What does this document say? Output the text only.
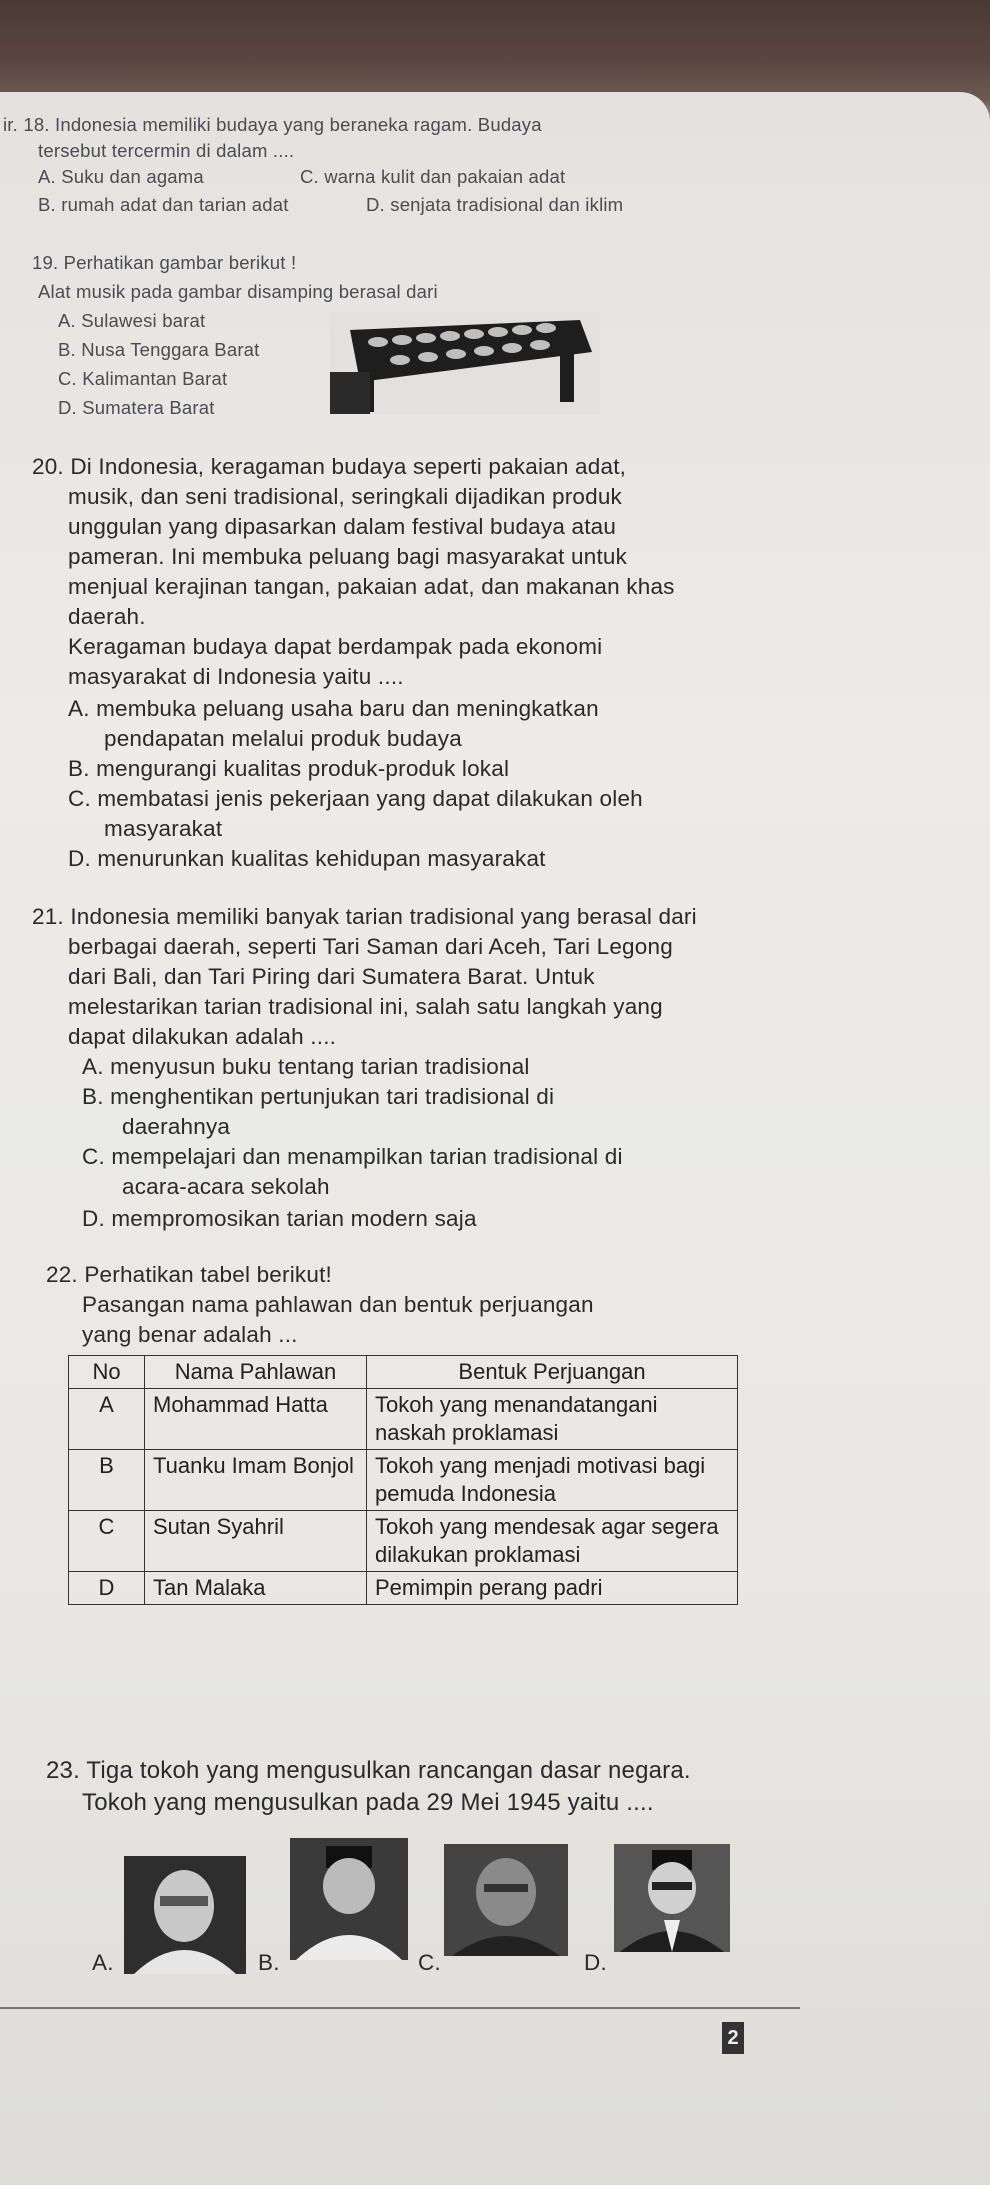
ir. 18. Indonesia memiliki budaya yang beraneka ragam. Budaya
tersebut tercermin di dalam ....
A. Suku dan agama	C. warna kulit dan pakaian adat
B. rumah adat dan tarian adat	D. senjata tradisional dan iklim
19. Perhatikan gambar berikut !
Alat musik pada gambar disamping berasal dari
A. Sulawesi barat
B. Nusa Tenggara Barat
C. Kalimantan Barat
D. Sumatera Barat
20. Di Indonesia, keragaman budaya seperti pakaian adat,
musik, dan seni tradisional, seringkali dijadikan produk
unggulan yang dipasarkan dalam festival budaya atau
pameran. Ini membuka peluang bagi masyarakat untuk
menjual kerajinan tangan, pakaian adat, dan makanan khas
daerah.
Keragaman budaya dapat berdampak pada ekonomi
masyarakat di Indonesia yaitu ....
A. membuka peluang usaha baru dan meningkatkan
pendapatan melalui produk budaya
B. mengurangi kualitas produk-produk lokal
C. membatasi jenis pekerjaan yang dapat dilakukan oleh
masyarakat
D. menurunkan kualitas kehidupan masyarakat
21. Indonesia memiliki banyak tarian tradisional yang berasal dari
berbagai daerah, seperti Tari Saman dari Aceh, Tari Legong
dari Bali, dan Tari Piring dari Sumatera Barat. Untuk
melestarikan tarian tradisional ini, salah satu langkah yang
dapat dilakukan adalah ....
A. menyusun buku tentang tarian tradisional
B. menghentikan pertunjukan tari tradisional di
daerahnya
C. mempelajari dan menampilkan tarian tradisional di
acara-acara sekolah
D. mempromosikan tarian modern saja
22. Perhatikan tabel berikut!
Pasangan nama pahlawan dan bentuk perjuangan
yang benar adalah ...
No	Nama Pahlawan	Bentuk Perjuangan
A	Mohammad Hatta	Tokoh yang menandatangani naskah proklamasi
B	Tuanku Imam Bonjol	Tokoh yang menjadi motivasi bagi pemuda Indonesia
C	Sutan Syahril	Tokoh yang mendesak agar segera dilakukan proklamasi
D	Tan Malaka	Pemimpin perang padri
23. Tiga tokoh yang mengusulkan rancangan dasar negara.
Tokoh yang mengusulkan pada 29 Mei 1945 yaitu ....
A.	B.	C.	D.
2
